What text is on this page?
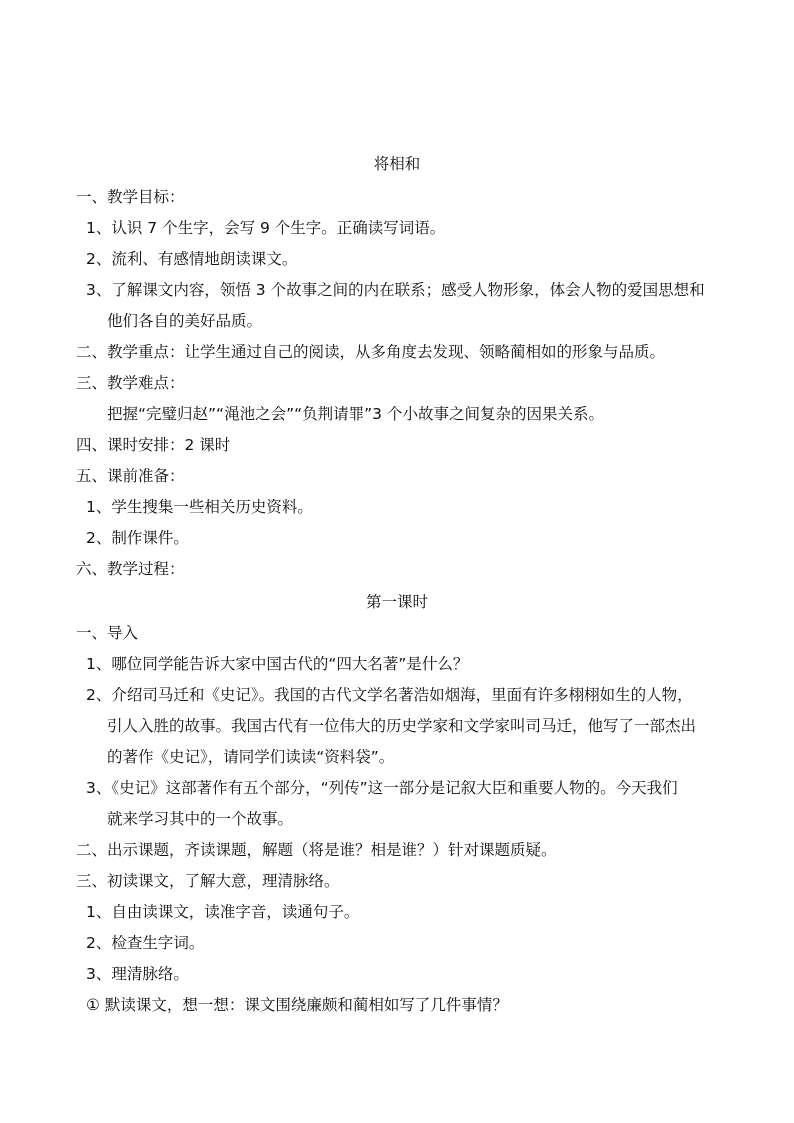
将相和
一、教学目标：
1、认识 7 个生字，会写 9 个生字。正确读写词语。
2、流利、有感情地朗读课文。
3、了解课文内容，领悟 3 个故事之间的内在联系；感受人物形象，体会人物的爱国思想和
他们各自的美好品质。
二、教学重点：让学生通过自己的阅读，从多角度去发现、领略蔺相如的形象与品质。
三、教学难点：
把握“完璧归赵”“渑池之会”“负荆请罪”3 个小故事之间复杂的因果关系。
四、课时安排：2 课时
五、课前准备：
1、学生搜集一些相关历史资料。
2、制作课件。
六、教学过程：
第一课时
一、导入
1、哪位同学能告诉大家中国古代的“四大名著”是什么？
2、介绍司马迁和《史记》。我国的古代文学名著浩如烟海，里面有许多栩栩如生的人物，
引人入胜的故事。我国古代有一位伟大的历史学家和文学家叫司马迁，他写了一部杰出
的著作《史记》，请同学们读读“资料袋”。
3、《史记》这部著作有五个部分，“列传”这一部分是记叙大臣和重要人物的。今天我们
就来学习其中的一个故事。
二、出示课题，齐读课题，解题（将是谁？相是谁？）针对课题质疑。
三、初读课文，了解大意，理清脉络。
1、自由读课文，读准字音，读通句子。
2、检查生字词。
3、理清脉络。
① 默读课文，想一想：课文围绕廉颇和蔺相如写了几件事情？
